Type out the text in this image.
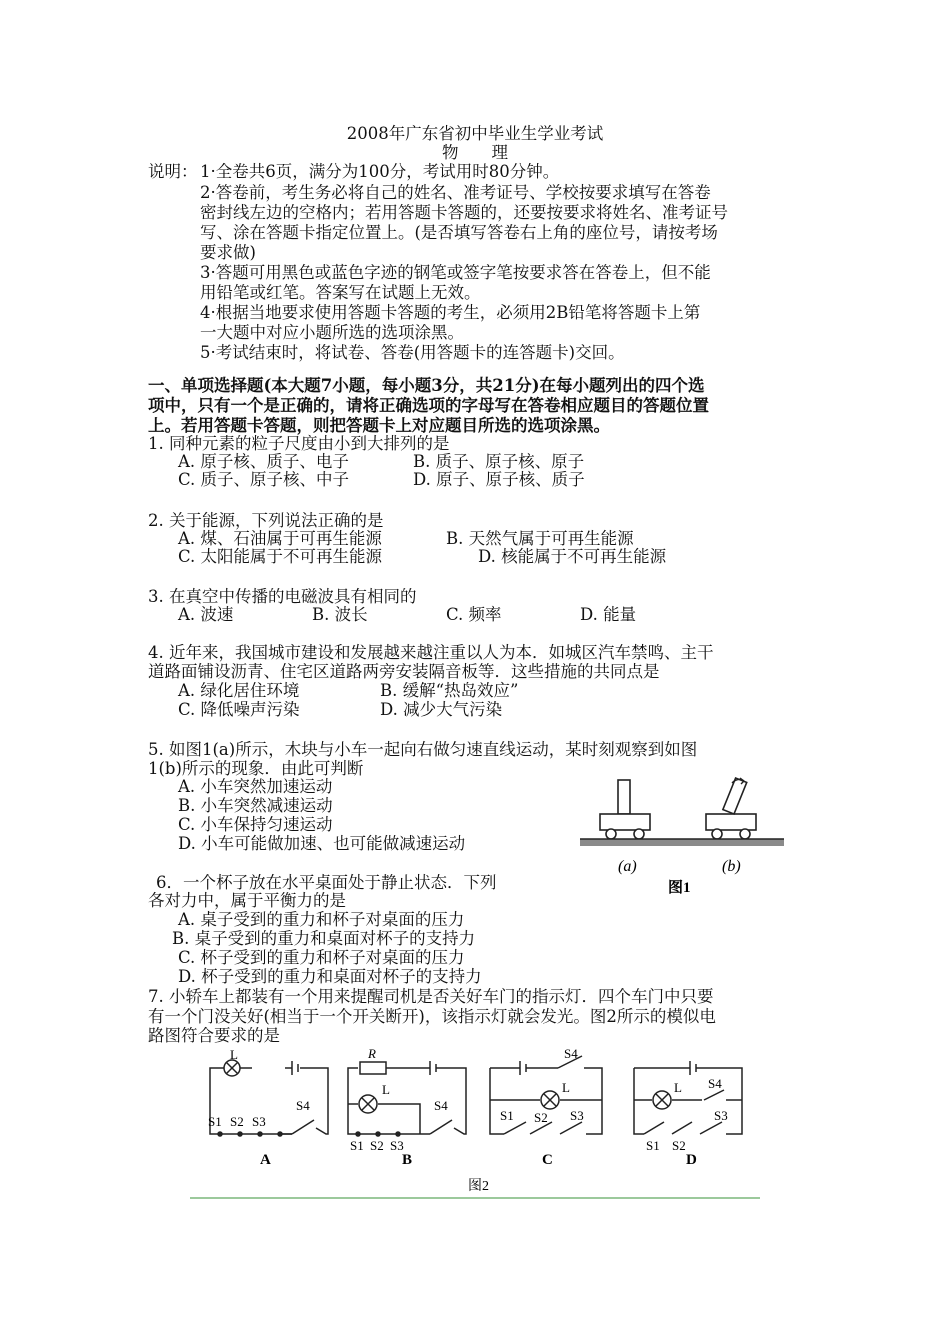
2008年广东省初中毕业生学业考试
物　　理
说明： 1·全卷共6页，满分为100分，考试用时80分钟。
2·答卷前，考生务必将自己的姓名、准考证号、学校按要求填写在答卷
密封线左边的空格内；若用答题卡答题的，还要按要求将姓名、准考证号
写、涂在答题卡指定位置上。(是否填写答卷右上角的座位号，请按考场
要求做)
3·答题可用黑色或蓝色字迹的钢笔或签字笔按要求答在答卷上，但不能
用铅笔或红笔。答案写在试题上无效。
4·根据当地要求使用答题卡答题的考生，必须用2B铅笔将答题卡上第
一大题中对应小题所选的选项涂黑。
5·考试结束时，将试卷、答卷(用答题卡的连答题卡)交回。
一、单项选择题(本大题7小题，每小题3分，共21分)在每小题列出的四个选
项中，只有一个是正确的，请将正确选项的字母写在答卷相应题目的答题位置
上。若用答题卡答题，则把答题卡上对应题目所选的选项涂黑。
1. 同种元素的粒子尺度由小到大排列的是
A. 原子核、质子、电子	B. 质子、原子核、原子
C. 质子、原子核、中子	D. 原子、原子核、质子
2. 关于能源，下列说法正确的是
A. 煤、石油属于可再生能源	B. 天然气属于可再生能源
C. 太阳能属于不可再生能源	D. 核能属于不可再生能源
3. 在真空中传播的电磁波具有相同的
A. 波速	B. 波长	C. 频率	D. 能量
4. 近年来，我国城市建设和发展越来越注重以人为本．如城区汽车禁鸣、主干
道路面铺设沥青、住宅区道路两旁安装隔音板等．这些措施的共同点是
A. 绿化居住环境	B. 缓解“热岛效应”
C. 降低噪声污染	D. 减少大气污染
5. 如图1(a)所示，木块与小车一起向右做匀速直线运动，某时刻观察到如图
1(b)所示的现象．由此可判断
A. 小车突然加速运动
B. 小车突然减速运动
C. 小车保持匀速运动
D. 小车可能做加速、也可能做减速运动
(a)	(b)
图1
6．一个杯子放在水平桌面处于静止状态．下列
各对力中，属于平衡力的是
A. 桌子受到的重力和杯子对桌面的压力
B. 桌子受到的重力和桌面对杯子的支持力
C. 杯子受到的重力和杯子对桌面的压力
D. 杯子受到的重力和桌面对杯子的支持力
7. 小轿车上都装有一个用来提醒司机是否关好车门的指示灯．四个车门中只要
有一个门没关好(相当于一个开关断开)，该指示灯就会发光。图2所示的模似电
路图符合要求的是
L
S1 S2 S3
S4
R
L
S1 S2 S3
S4
S4
L
S1 S2 S3
L S4
S1 S2
S3
A	B	C	D
图2
